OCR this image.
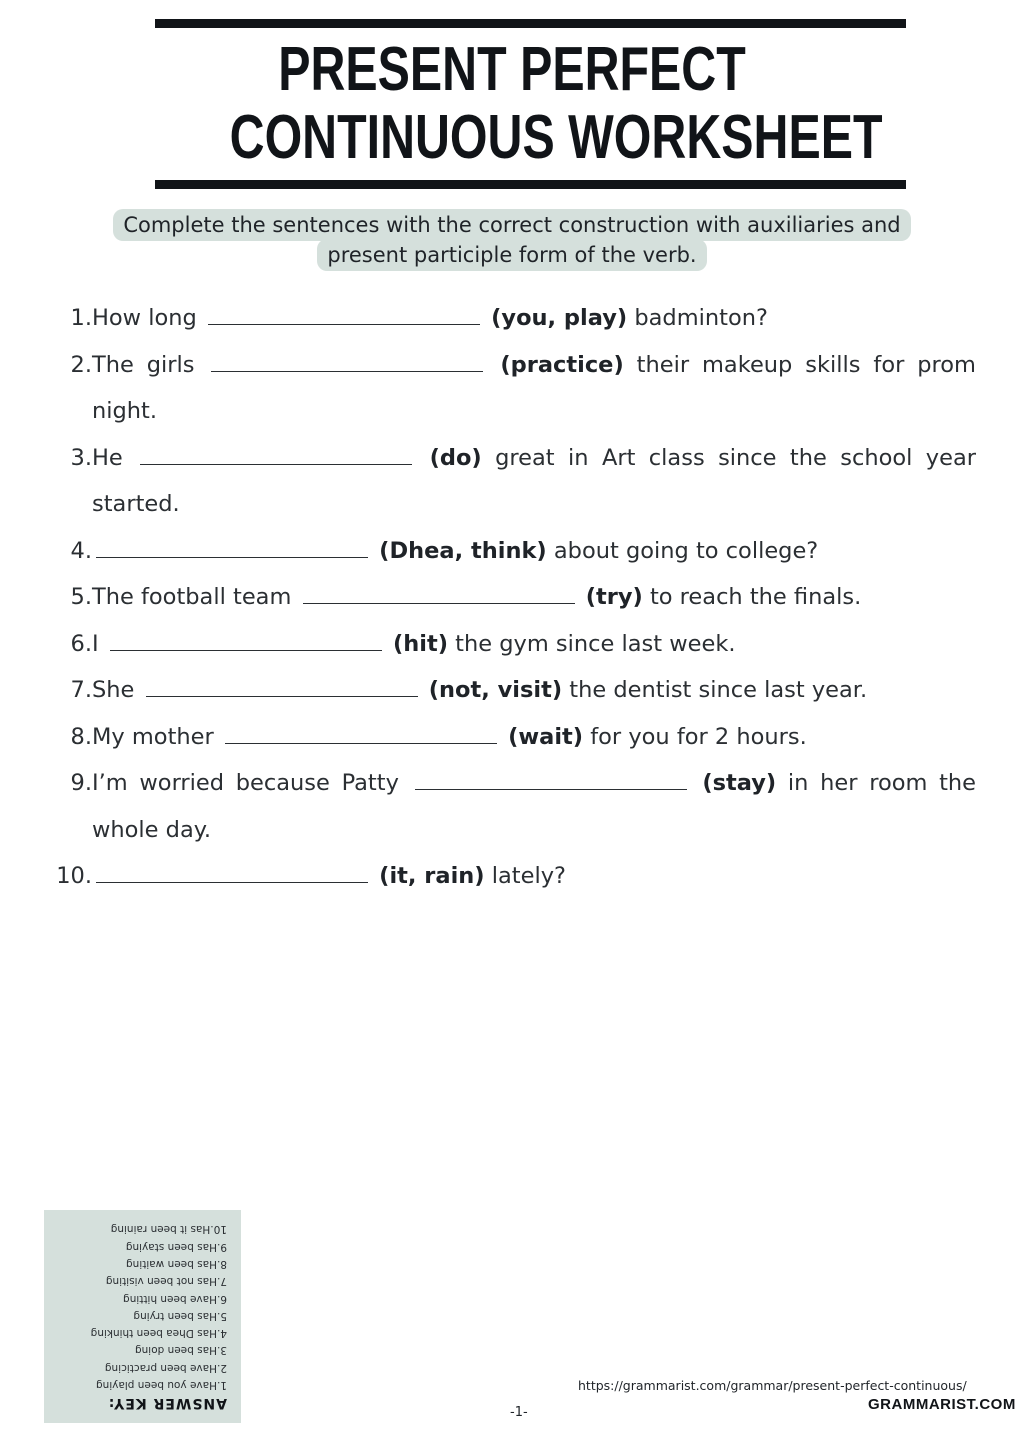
PRESENT PERFECT
CONTINUOUS WORKSHEET
Complete the sentences with the correct construction with auxiliaries and present participle form of the verb.
1. How long	(you, play) badminton?
2. The girls	(practice) their makeup skills for prom night.
3. He	(do) great in Art class since the school year started.
4.	(Dhea, think) about going to college?
5. The football team	(try) to reach the finals.
6. I	(hit) the gym since last week.
7. She	(not, visit) the dentist since last year.
8. My mother	(wait) for you for 2 hours.
9. I’m worried because Patty	(stay) in her room the whole day.
10.	(it, rain) lately?
ANSWER KEY:
1.Have you been playing
2.Have been practicing
3.Has been doing
4.Has Dhea been thinking
5.Has been trying
6.Have been hitting
7.Has not been visiting
8.Has been waiting
9.Has been staying
10.Has it been raining
https://grammarist.com/grammar/present-perfect-continuous/
-1-	GRAMMARIST.COM
